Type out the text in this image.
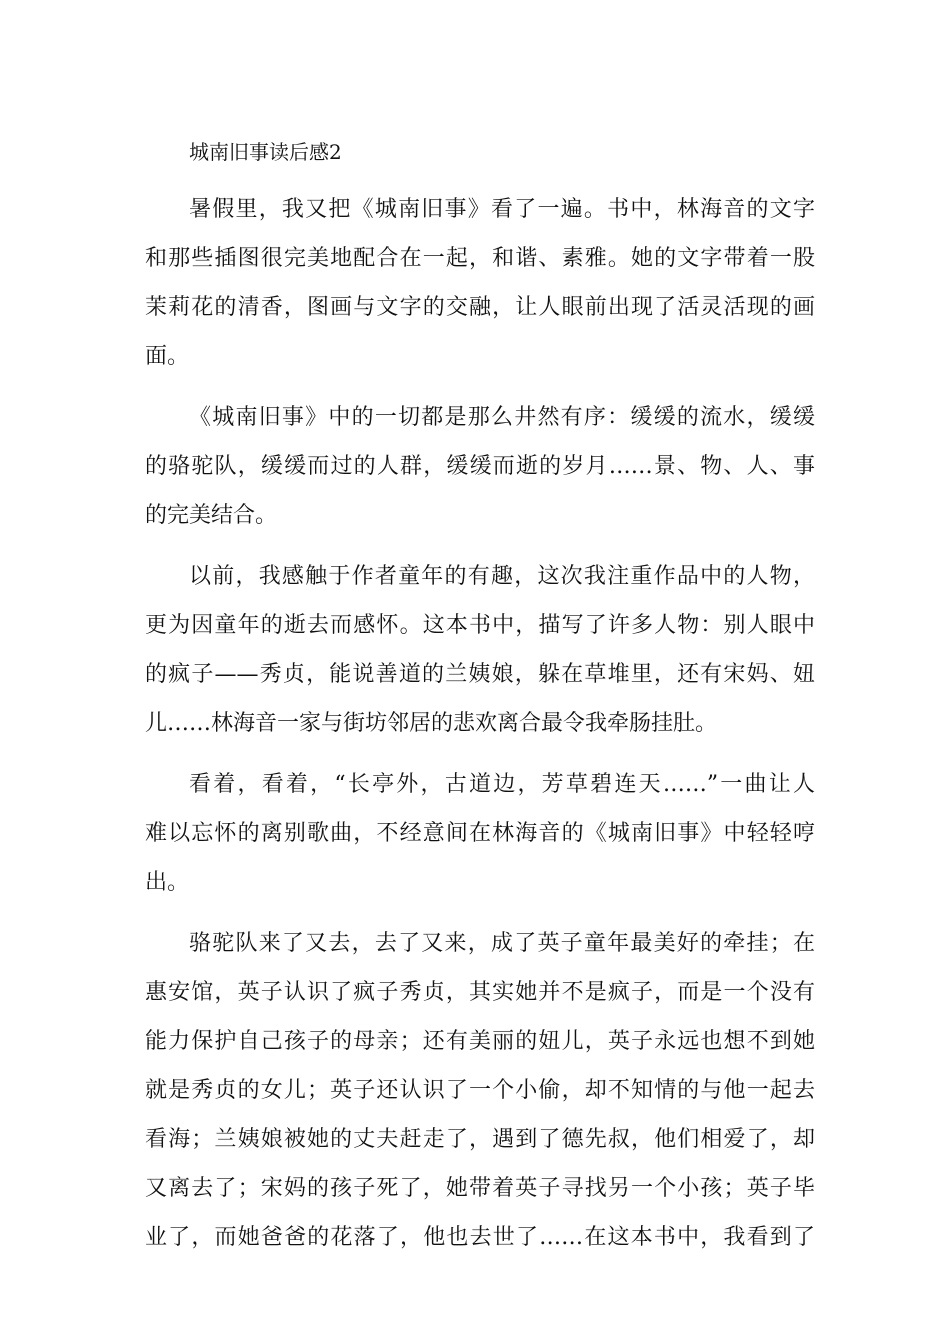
城南旧事读后感2

暑假里，我又把《城南旧事》看了一遍。书中，林海音的文字
和那些插图很完美地配合在一起，和谐、素雅。她的文字带着一股
茉莉花的清香，图画与文字的交融，让人眼前出现了活灵活现的画
面。

《城南旧事》中的一切都是那么井然有序：缓缓的流水，缓缓
的骆驼队，缓缓而过的人群，缓缓而逝的岁月……景、物、人、事
的完美结合。

以前，我感触于作者童年的有趣，这次我注重作品中的人物，
更为因童年的逝去而感怀。这本书中，描写了许多人物：别人眼中
的疯子——秀贞，能说善道的兰姨娘，躲在草堆里，还有宋妈、妞
儿……林海音一家与街坊邻居的悲欢离合最令我牵肠挂肚。

看着，看着，“长亭外，古道边，芳草碧连天……”一曲让人
难以忘怀的离别歌曲，不经意间在林海音的《城南旧事》中轻轻哼
出。

骆驼队来了又去，去了又来，成了英子童年最美好的牵挂；在
惠安馆，英子认识了疯子秀贞，其实她并不是疯子，而是一个没有
能力保护自己孩子的母亲；还有美丽的妞儿，英子永远也想不到她
就是秀贞的女儿；英子还认识了一个小偷，却不知情的与他一起去
看海；兰姨娘被她的丈夫赶走了，遇到了德先叔，他们相爱了，却
又离去了；宋妈的孩子死了，她带着英子寻找另一个小孩；英子毕
业了，而她爸爸的花落了，他也去世了……在这本书中，我看到了
